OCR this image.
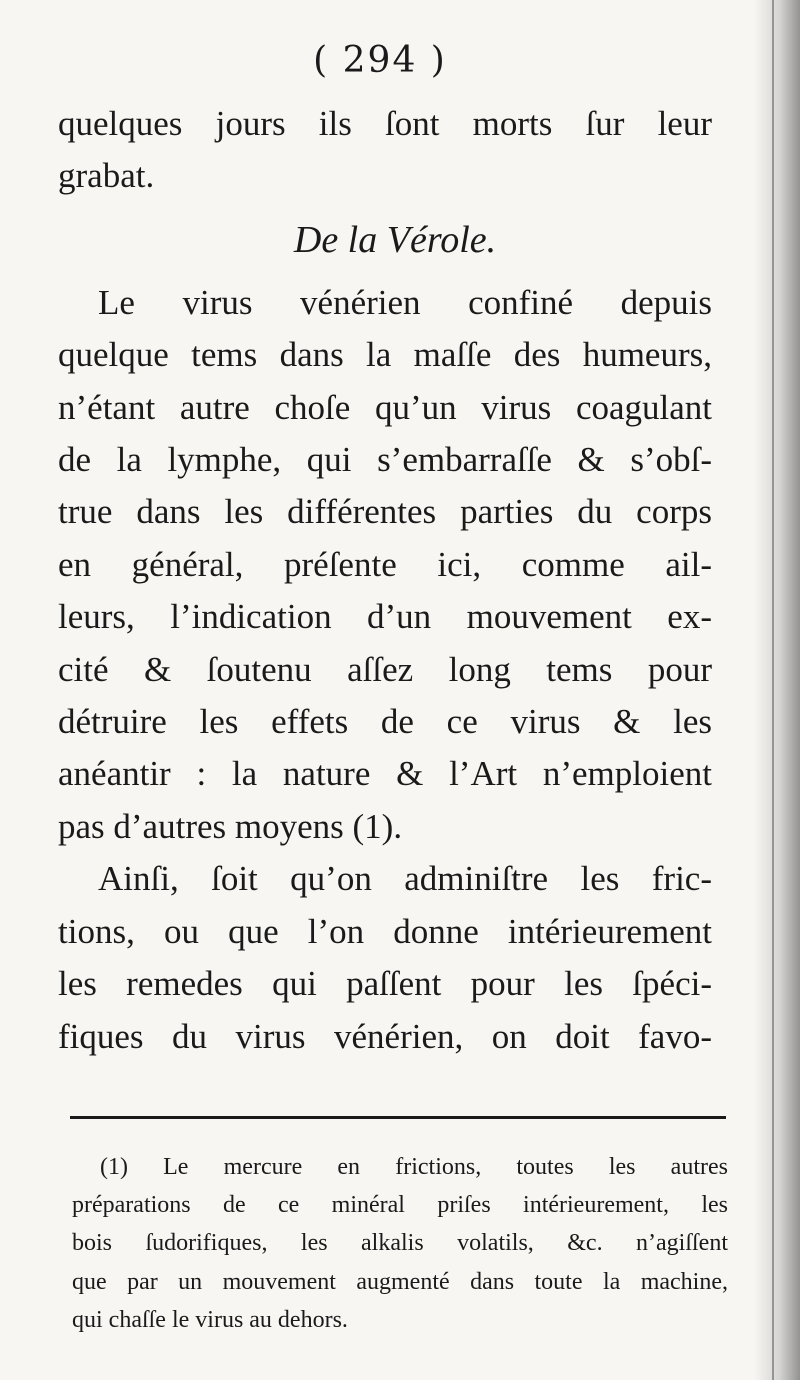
( 294 )
quelques jours ils ſont morts ſur leur
grabat.
De la Vérole.
Le virus vénérien confiné depuis
quelque tems dans la maſſe des humeurs,
n’étant autre choſe qu’un virus coagulant
de la lymphe, qui s’embarraſſe & s’obſ-
true dans les différentes parties du corps
en général, préſente ici, comme ail-
leurs, l’indication d’un mouvement ex-
cité & ſoutenu aſſez long tems pour
détruire les effets de ce virus & les
anéantir : la nature & l’Art n’emploient
pas d’autres moyens (1).
Ainſi, ſoit qu’on adminiſtre les fric-
tions, ou que l’on donne intérieurement
les remedes qui paſſent pour les ſpéci-
fiques du virus vénérien, on doit favo-
(1) Le mercure en frictions, toutes les autres
préparations de ce minéral priſes intérieurement, les
bois ſudorifiques, les alkalis volatils, &c. n’agiſſent
que par un mouvement augmenté dans toute la machine,
qui chaſſe le virus au dehors.
